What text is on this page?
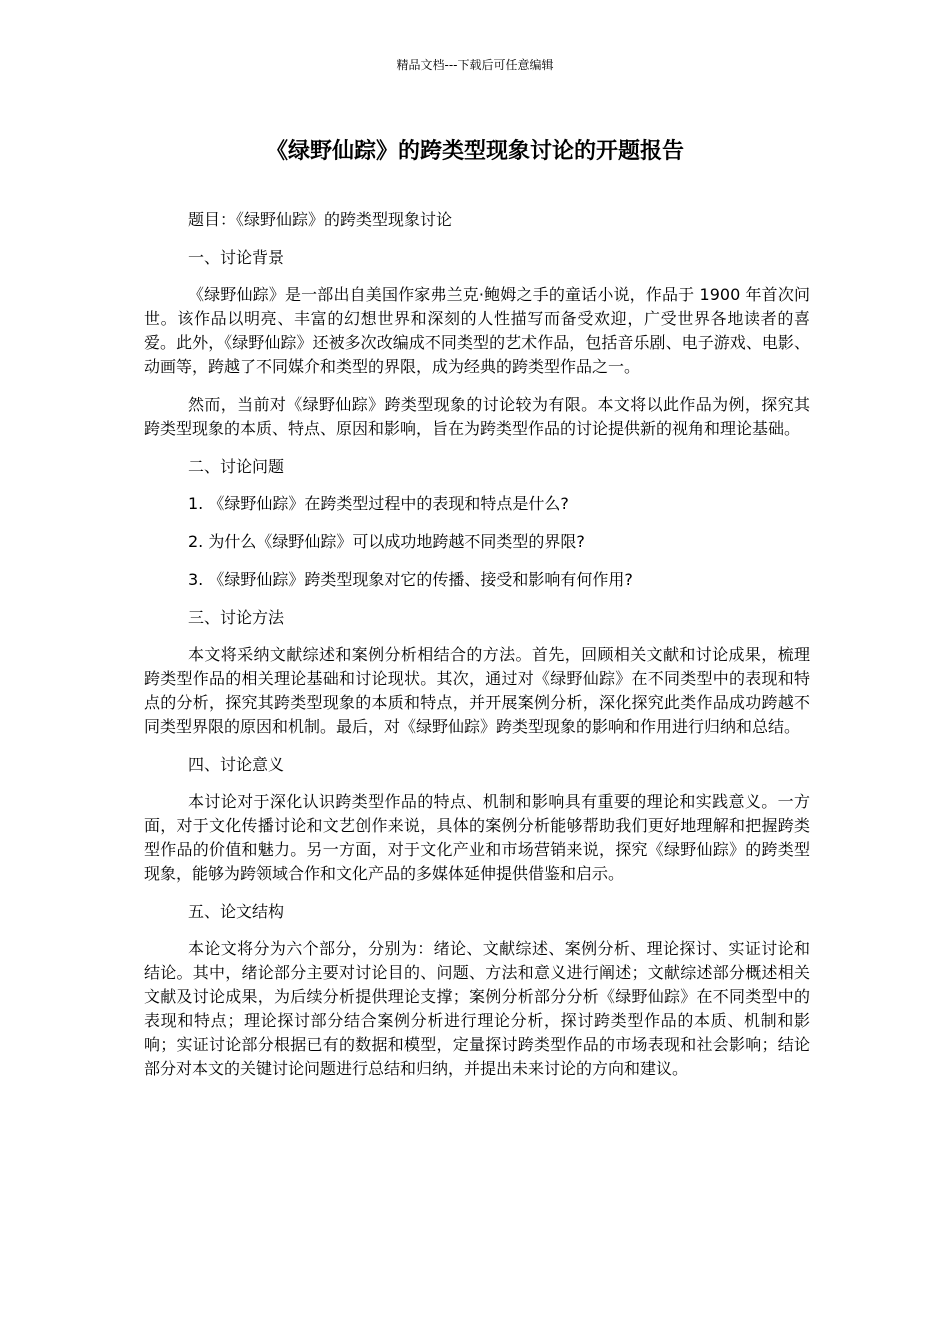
精品文档---下载后可任意编辑
《绿野仙踪》的跨类型现象讨论的开题报告

题目：《绿野仙踪》的跨类型现象讨论

一、讨论背景

《绿野仙踪》是一部出自美国作家弗兰克·鲍姆之手的童话小说，作品于 1900 年首次问世。该作品以明亮、丰富的幻想世界和深刻的人性描写而备受欢迎，广受世界各地读者的喜爱。此外，《绿野仙踪》还被多次改编成不同类型的艺术作品，包括音乐剧、电子游戏、电影、动画等，跨越了不同媒介和类型的界限，成为经典的跨类型作品之一。

然而，当前对《绿野仙踪》跨类型现象的讨论较为有限。本文将以此作品为例，探究其跨类型现象的本质、特点、原因和影响，旨在为跨类型作品的讨论提供新的视角和理论基础。

二、讨论问题

1. 《绿野仙踪》在跨类型过程中的表现和特点是什么?

2. 为什么《绿野仙踪》可以成功地跨越不同类型的界限?

3. 《绿野仙踪》跨类型现象对它的传播、接受和影响有何作用?

三、讨论方法

本文将采纳文献综述和案例分析相结合的方法。首先，回顾相关文献和讨论成果，梳理跨类型作品的相关理论基础和讨论现状。其次，通过对《绿野仙踪》在不同类型中的表现和特点的分析，探究其跨类型现象的本质和特点，并开展案例分析，深化探究此类作品成功跨越不同类型界限的原因和机制。最后，对《绿野仙踪》跨类型现象的影响和作用进行归纳和总结。

四、讨论意义

本讨论对于深化认识跨类型作品的特点、机制和影响具有重要的理论和实践意义。一方面，对于文化传播讨论和文艺创作来说，具体的案例分析能够帮助我们更好地理解和把握跨类型作品的价值和魅力。另一方面，对于文化产业和市场营销来说，探究《绿野仙踪》的跨类型现象，能够为跨领域合作和文化产品的多媒体延伸提供借鉴和启示。

五、论文结构

本论文将分为六个部分，分别为：绪论、文献综述、案例分析、理论探讨、实证讨论和结论。其中，绪论部分主要对讨论目的、问题、方法和意义进行阐述；文献综述部分概述相关文献及讨论成果，为后续分析提供理论支撑；案例分析部分分析《绿野仙踪》在不同类型中的表现和特点；理论探讨部分结合案例分析进行理论分析，探讨跨类型作品的本质、机制和影响；实证讨论部分根据已有的数据和模型，定量探讨跨类型作品的市场表现和社会影响；结论部分对本文的关键讨论问题进行总结和归纳，并提出未来讨论的方向和建议。
